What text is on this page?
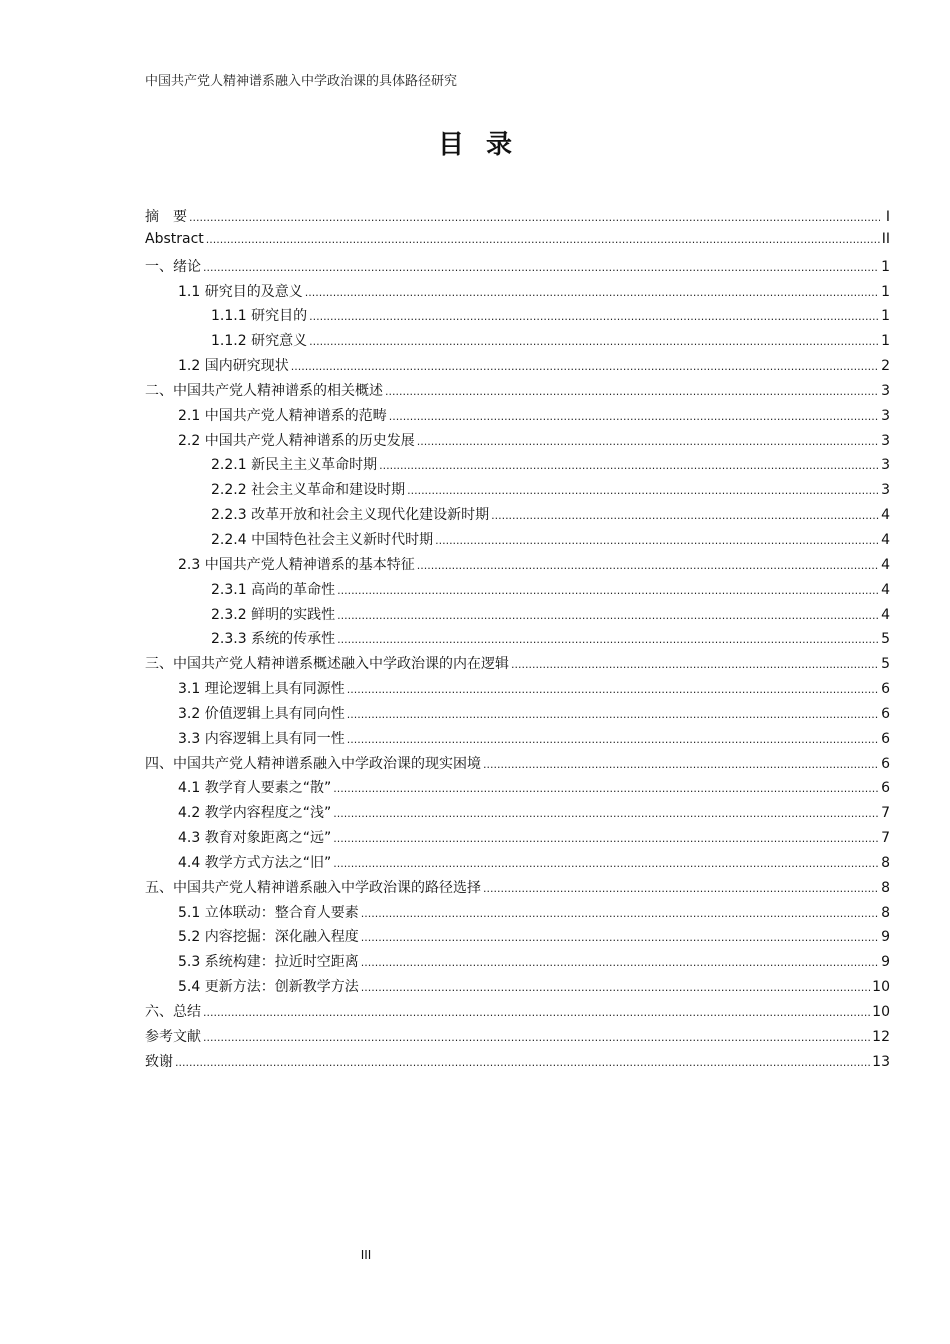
中国共产党人精神谱系融入中学政治课的具体路径研究
目录
摘　要 .....	I
Abstract .....	II
一、绪论 .....	1
1.1 研究目的及意义 .....	1
1.1.1 研究目的 .....	1
1.1.2 研究意义 .....	1
1.2 国内研究现状 .....	2
二、中国共产党人精神谱系的相关概述 .....	3
2.1 中国共产党人精神谱系的范畴 .....	3
2.2 中国共产党人精神谱系的历史发展 .....	3
2.2.1 新民主主义革命时期 .....	3
2.2.2 社会主义革命和建设时期 .....	3
2.2.3 改革开放和社会主义现代化建设新时期 .....	4
2.2.4 中国特色社会主义新时代时期 .....	4
2.3 中国共产党人精神谱系的基本特征 .....	4
2.3.1 高尚的革命性 .....	4
2.3.2 鲜明的实践性 .....	4
2.3.3 系统的传承性 .....	5
三、中国共产党人精神谱系概述融入中学政治课的内在逻辑 .....	5
3.1 理论逻辑上具有同源性 .....	6
3.2 价值逻辑上具有同向性 .....	6
3.3 内容逻辑上具有同一性 .....	6
四、中国共产党人精神谱系融入中学政治课的现实困境 .....	6
4.1 教学育人要素之“散” .....	6
4.2 教学内容程度之“浅” .....	7
4.3 教育对象距离之“远” .....	7
4.4 教学方式方法之“旧” .....	8
五、中国共产党人精神谱系融入中学政治课的路径选择 .....	8
5.1 立体联动：整合育人要素 .....	8
5.2 内容挖掘：深化融入程度 .....	9
5.3 系统构建：拉近时空距离 .....	9
5.4 更新方法：创新教学方法 .....	10
六、总结 .....	10
参考文献 .....	12
致谢 .....	13
III
